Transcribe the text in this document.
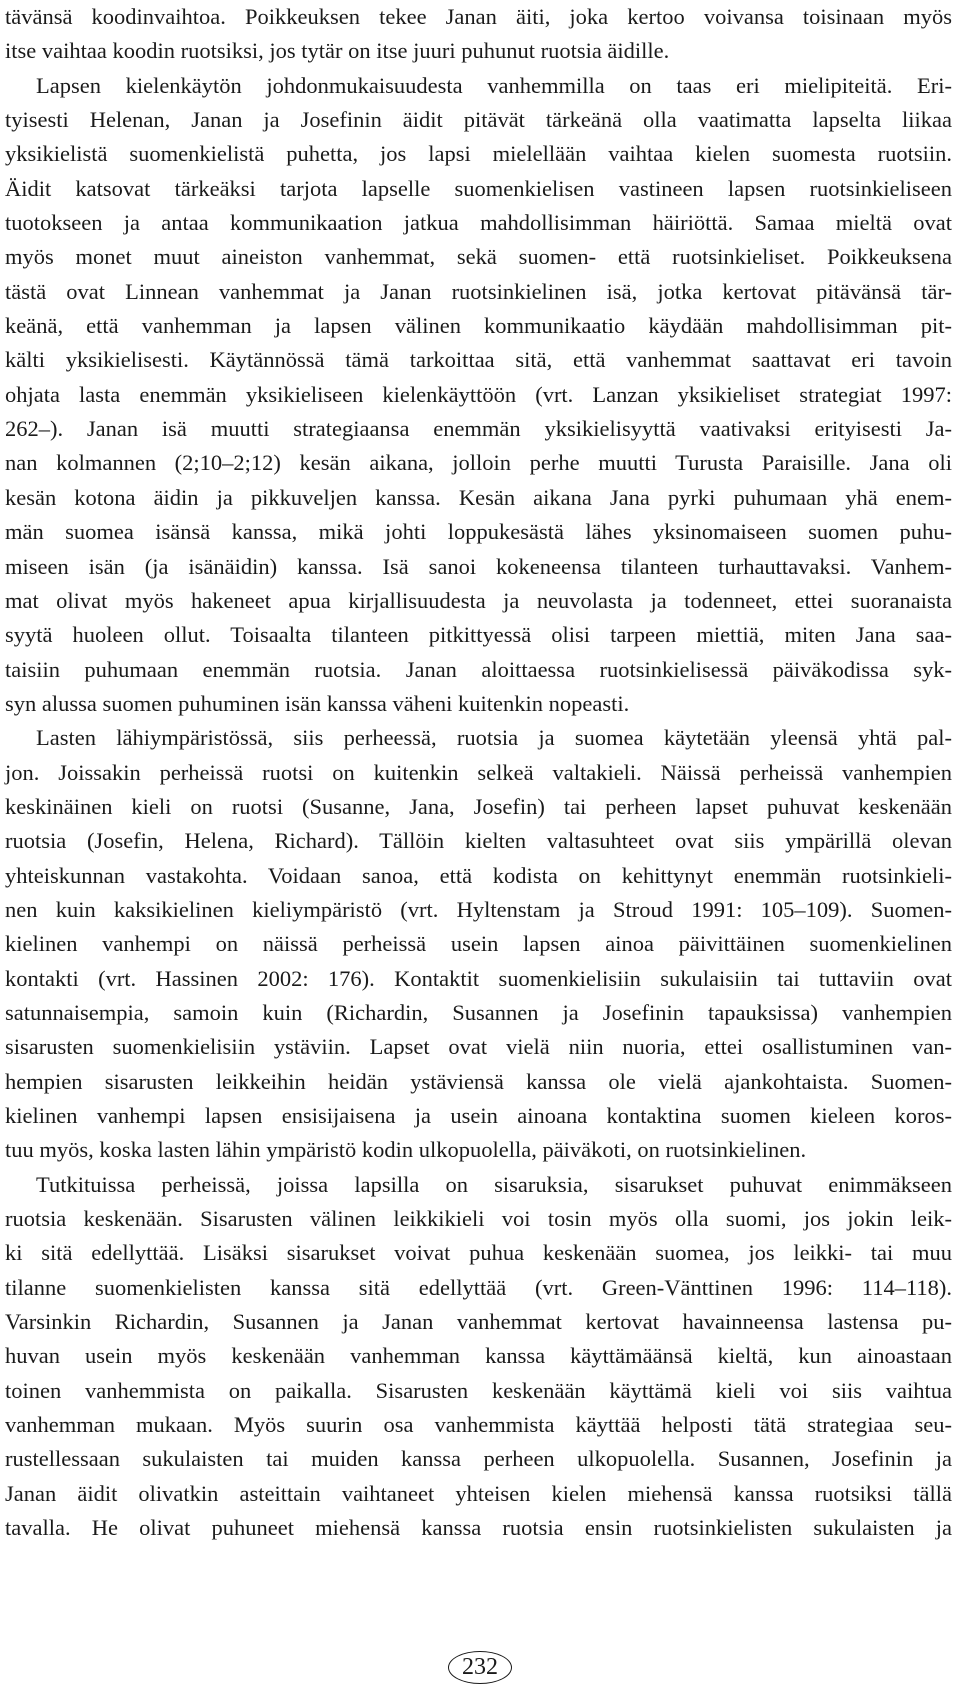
tävänsä koodinvaihtoa. Poikkeuksen tekee Janan äiti, joka kertoo voivansa toisinaan myös
itse vaihtaa koodin ruotsiksi, jos tytär on itse juuri puhunut ruotsia äidille.
Lapsen kielenkäytön johdonmukaisuudesta vanhemmilla on taas eri mielipiteitä. Eri-
tyisesti Helenan, Janan ja Josefinin äidit pitävät tärkeänä olla vaatimatta lapselta liikaa
yksikielistä suomenkielistä puhetta, jos lapsi mielellään vaihtaa kielen suomesta ruotsiin.
Äidit katsovat tärkeäksi tarjota lapselle suomenkielisen vastineen lapsen ruotsinkieliseen
tuotokseen ja antaa kommunikaation jatkua mahdollisimman häiriöttä. Samaa mieltä ovat
myös monet muut aineiston vanhemmat, sekä suomen- että ruotsinkieliset. Poikkeuksena
tästä ovat Linnean vanhemmat ja Janan ruotsinkielinen isä, jotka kertovat pitävänsä tär-
keänä, että vanhemman ja lapsen välinen kommunikaatio käydään mahdollisimman pit-
kälti yksikielisesti. Käytännössä tämä tarkoittaa sitä, että vanhemmat saattavat eri tavoin
ohjata lasta enemmän yksikieliseen kielenkäyttöön (vrt. Lanzan yksikieliset strategiat 1997:
262–). Janan isä muutti strategiaansa enemmän yksikielisyyttä vaativaksi erityisesti Ja-
nan kolmannen (2;10–2;12) kesän aikana, jolloin perhe muutti Turusta Paraisille. Jana oli
kesän kotona äidin ja pikkuveljen kanssa. Kesän aikana Jana pyrki puhumaan yhä enem-
män suomea isänsä kanssa, mikä johti loppukesästä lähes yksinomaiseen suomen puhu-
miseen isän (ja isänäidin) kanssa. Isä sanoi kokeneensa tilanteen turhauttavaksi. Vanhem-
mat olivat myös hakeneet apua kirjallisuudesta ja neuvolasta ja todenneet, ettei suoranaista
syytä huoleen ollut. Toisaalta tilanteen pitkittyessä olisi tarpeen miettiä, miten Jana saa-
taisiin puhumaan enemmän ruotsia. Janan aloittaessa ruotsinkielisessä päiväkodissa syk-
syn alussa suomen puhuminen isän kanssa väheni kuitenkin nopeasti.
Lasten lähiympäristössä, siis perheessä, ruotsia ja suomea käytetään yleensä yhtä pal-
jon. Joissakin perheissä ruotsi on kuitenkin selkeä valtakieli. Näissä perheissä vanhempien
keskinäinen kieli on ruotsi (Susanne, Jana, Josefin) tai perheen lapset puhuvat keskenään
ruotsia (Josefin, Helena, Richard). Tällöin kielten valtasuhteet ovat siis ympärillä olevan
yhteiskunnan vastakohta. Voidaan sanoa, että kodista on kehittynyt enemmän ruotsinkieli-
nen kuin kaksikielinen kieliympäristö (vrt. Hyltenstam ja Stroud 1991: 105–109). Suomen-
kielinen vanhempi on näissä perheissä usein lapsen ainoa päivittäinen suomenkielinen
kontakti (vrt. Hassinen 2002: 176). Kontaktit suomenkielisiin sukulaisiin tai tuttaviin ovat
satunnaisempia, samoin kuin (Richardin, Susannen ja Josefinin tapauksissa) vanhempien
sisarusten suomenkielisiin ystäviin. Lapset ovat vielä niin nuoria, ettei osallistuminen van-
hempien sisarusten leikkeihin heidän ystäviensä kanssa ole vielä ajankohtaista. Suomen-
kielinen vanhempi lapsen ensisijaisena ja usein ainoana kontaktina suomen kieleen koros-
tuu myös, koska lasten lähin ympäristö kodin ulkopuolella, päiväkoti, on ruotsinkielinen.
Tutkituissa perheissä, joissa lapsilla on sisaruksia, sisarukset puhuvat enimmäkseen
ruotsia keskenään. Sisarusten välinen leikkikieli voi tosin myös olla suomi, jos jokin leik-
ki sitä edellyttää. Lisäksi sisarukset voivat puhua keskenään suomea, jos leikki- tai muu
tilanne suomenkielisten kanssa sitä edellyttää (vrt. Green-Vänttinen 1996: 114–118).
Varsinkin Richardin, Susannen ja Janan vanhemmat kertovat havainneensa lastensa pu-
huvan usein myös keskenään vanhemman kanssa käyttämäänsä kieltä, kun ainoastaan
toinen vanhemmista on paikalla. Sisarusten keskenään käyttämä kieli voi siis vaihtua
vanhemman mukaan. Myös suurin osa vanhemmista käyttää helposti tätä strategiaa seu-
rustellessaan sukulaisten tai muiden kanssa perheen ulkopuolella. Susannen, Josefinin ja
Janan äidit olivatkin asteittain vaihtaneet yhteisen kielen miehensä kanssa ruotsiksi tällä
tavalla. He olivat puhuneet miehensä kanssa ruotsia ensin ruotsinkielisten sukulaisten ja
232
